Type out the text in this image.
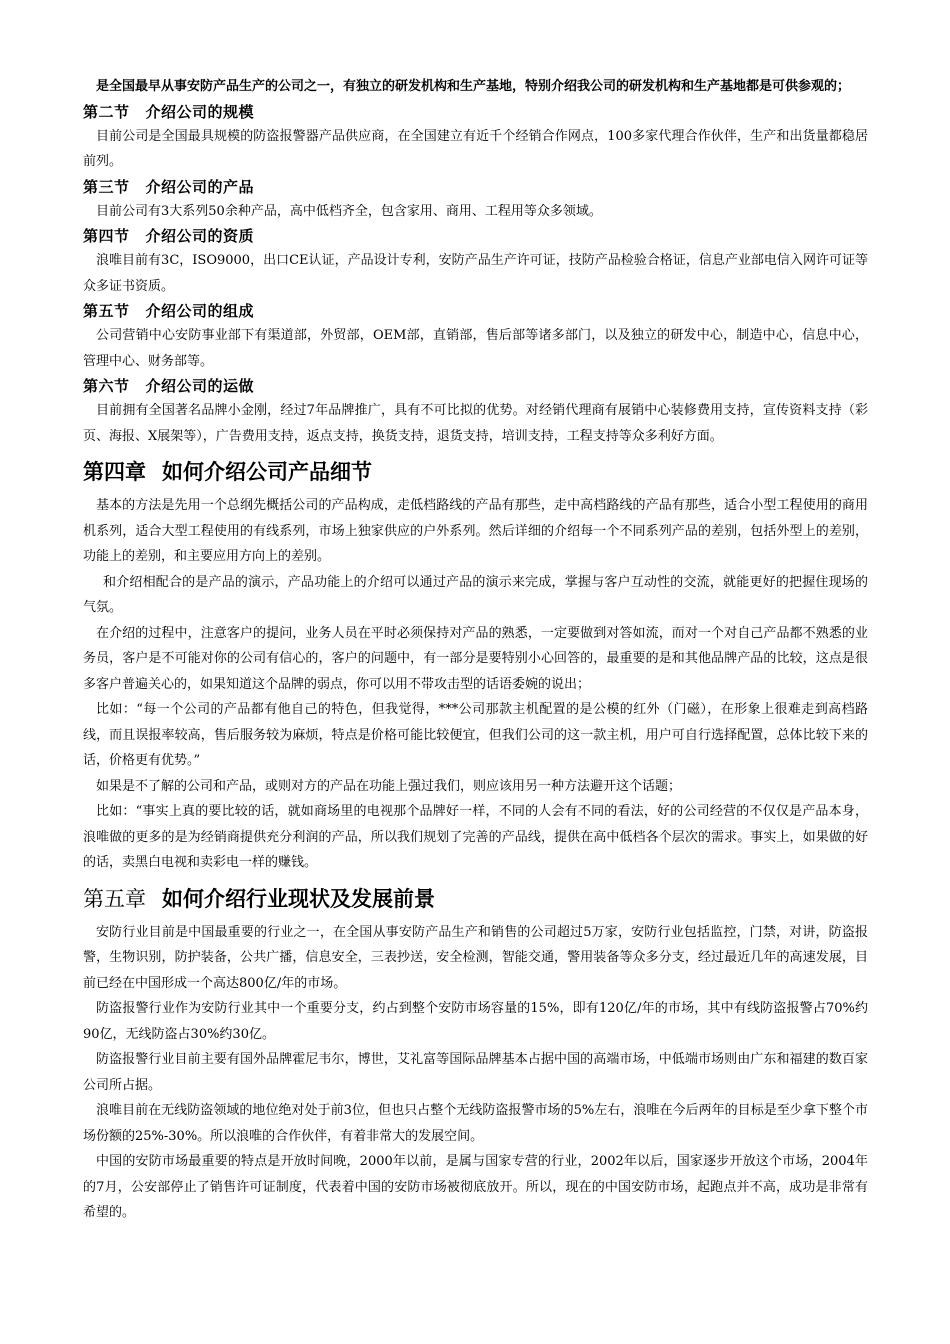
是全国最早从事安防产品生产的公司之一，有独立的研发机构和生产基地，特别介绍我公司的研发机构和生产基地都是可供参观的；

第二节 介绍公司的规模

目前公司是全国最具规模的防盗报警器产品供应商，在全国建立有近千个经销合作网点，100多家代理合作伙伴，生产和出货量都稳居前列。

第三节 介绍公司的产品

目前公司有3大系列50余种产品，高中低档齐全，包含家用、商用、工程用等众多领域。

第四节 介绍公司的资质

浪唯目前有3C，ISO9000，出口CE认证，产品设计专利，安防产品生产许可证，技防产品检验合格证，信息产业部电信入网许可证等众多证书资质。

第五节 介绍公司的组成

公司营销中心安防事业部下有渠道部，外贸部，OEM部，直销部，售后部等诸多部门，以及独立的研发中心，制造中心，信息中心，管理中心、财务部等。

第六节 介绍公司的运做

目前拥有全国著名品牌小金刚，经过7年品牌推广，具有不可比拟的优势。对经销代理商有展销中心装修费用支持，宣传资料支持（彩页、海报、X展架等），广告费用支持，返点支持，换货支持，退货支持，培训支持，工程支持等众多利好方面。

第四章 如何介绍公司产品细节

基本的方法是先用一个总纲先概括公司的产品构成，走低档路线的产品有那些，走中高档路线的产品有那些，适合小型工程使用的商用机系列，适合大型工程使用的有线系列，市场上独家供应的户外系列。然后详细的介绍每一个不同系列产品的差别，包括外型上的差别，功能上的差别，和主要应用方向上的差别。

和介绍相配合的是产品的演示，产品功能上的介绍可以通过产品的演示来完成，掌握与客户互动性的交流，就能更好的把握住现场的气氛。

在介绍的过程中，注意客户的提问，业务人员在平时必须保持对产品的熟悉，一定要做到对答如流，而对一个对自己产品都不熟悉的业务员，客户是不可能对你的公司有信心的，客户的问题中，有一部分是要特别小心回答的，最重要的是和其他品牌产品的比较，这点是很多客户普遍关心的，如果知道这个品牌的弱点，你可以用不带攻击型的话语委婉的说出；

比如：“每一个公司的产品都有他自己的特色，但我觉得，***公司那款主机配置的是公模的红外（门磁），在形象上很难走到高档路线，而且误报率较高，售后服务较为麻烦，特点是价格可能比较便宜，但我们公司的这一款主机，用户可自行选择配置，总体比较下来的话，价格更有优势。”

如果是不了解的公司和产品，或则对方的产品在功能上强过我们，则应该用另一种方法避开这个话题；

比如：“事实上真的要比较的话，就如商场里的电视那个品牌好一样，不同的人会有不同的看法，好的公司经营的不仅仅是产品本身，浪唯做的更多的是为经销商提供充分利润的产品，所以我们规划了完善的产品线，提供在高中低档各个层次的需求。事实上，如果做的好的话，卖黑白电视和卖彩电一样的赚钱。

第五章 如何介绍行业现状及发展前景

安防行业目前是中国最重要的行业之一，在全国从事安防产品生产和销售的公司超过5万家，安防行业包括监控，门禁，对讲，防盗报警，生物识别，防护装备，公共广播，信息安全，三表抄送，安全检测，智能交通，警用装备等众多分支，经过最近几年的高速发展，目前已经在中国形成一个高达800亿/年的市场。

防盗报警行业作为安防行业其中一个重要分支，约占到整个安防市场容量的15%，即有120亿/年的市场，其中有线防盗报警占70%约90亿，无线防盗占30%约30亿。

防盗报警行业目前主要有国外品牌霍尼韦尔，博世，艾礼富等国际品牌基本占据中国的高端市场，中低端市场则由广东和福建的数百家公司所占据。

浪唯目前在无线防盗领域的地位绝对处于前3位，但也只占整个无线防盗报警市场的5%左右，浪唯在今后两年的目标是至少拿下整个市场份额的25%-30%。所以浪唯的合作伙伴，有着非常大的发展空间。

中国的安防市场最重要的特点是开放时间晚，2000年以前，是属与国家专营的行业，2002年以后，国家逐步开放这个市场，2004年的7月，公安部停止了销售许可证制度，代表着中国的安防市场被彻底放开。所以，现在的中国安防市场，起跑点并不高，成功是非常有希望的。
